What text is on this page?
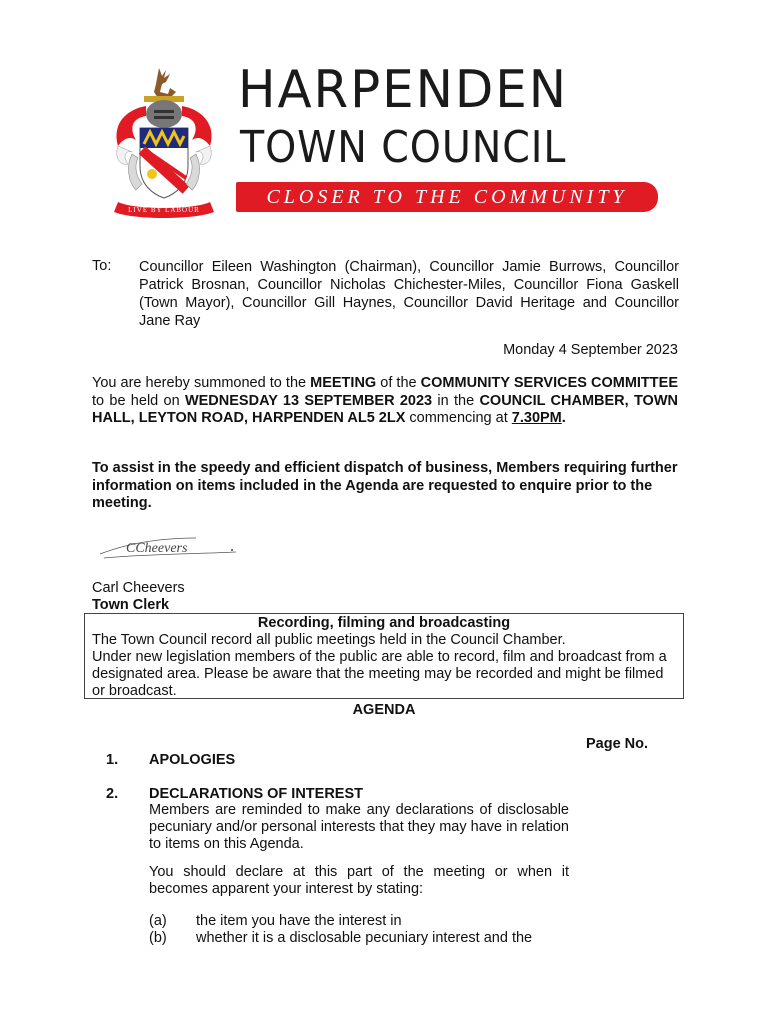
LIVE BY LABOUR
HARPENDEN
TOWN COUNCIL
CLOSER TO THE COMMUNITY
To: Councillor Eileen Washington (Chairman), Councillor Jamie Burrows, Councillor Patrick Brosnan, Councillor Nicholas Chichester-Miles, Councillor Fiona Gaskell (Town Mayor), Councillor Gill Haynes, Councillor David Heritage and Councillor Jane Ray
Monday 4 September 2023
You are hereby summoned to the MEETING of the COMMUNITY SERVICES COMMITTEE to be held on WEDNESDAY 13 SEPTEMBER 2023 in the COUNCIL CHAMBER, TOWN HALL, LEYTON ROAD, HARPENDEN AL5 2LX commencing at 7.30PM.
To assist in the speedy and efficient dispatch of business, Members requiring further information on items included in the Agenda are requested to enquire prior to the meeting.
CCheevers
Carl Cheevers
Town Clerk
Recording, filming and broadcasting
The Town Council record all public meetings held in the Council Chamber.
Under new legislation members of the public are able to record, film and broadcast from a designated area. Please be aware that the meeting may be recorded and might be filmed or broadcast.
AGENDA
Page No.
1. APOLOGIES
2. DECLARATIONS OF INTEREST
Members are reminded to make any declarations of disclosable pecuniary and/or personal interests that they may have in relation to items on this Agenda.
You should declare at this part of the meeting or when it becomes apparent your interest by stating:
(a) the item you have the interest in
(b) whether it is a disclosable pecuniary interest and the
